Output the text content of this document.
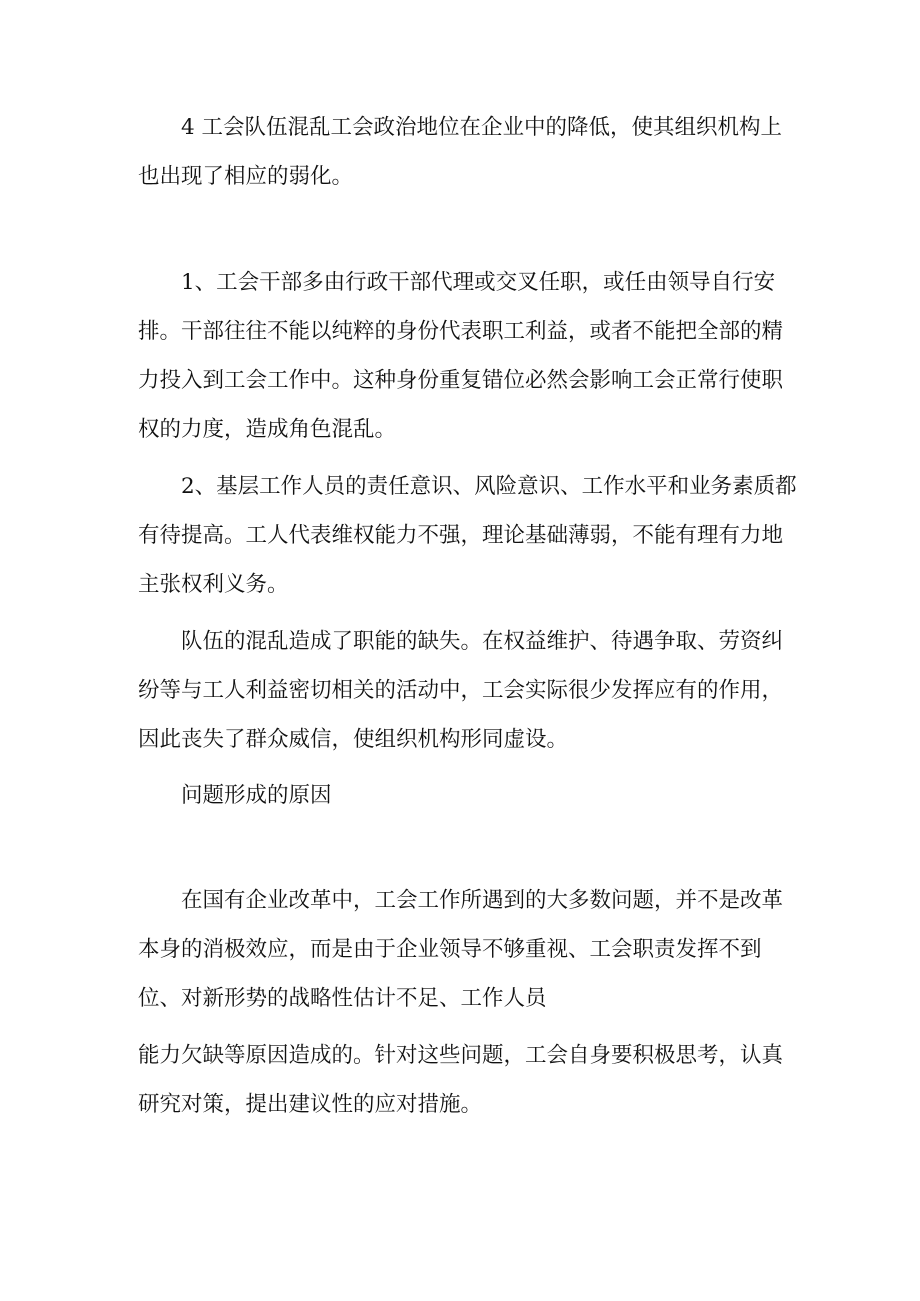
4 工会队伍混乱工会政治地位在企业中的降低，使其组织机构上也出现了相应的弱化。

1、工会干部多由行政干部代理或交叉任职，或任由领导自行安排。干部往往不能以纯粹的身份代表职工利益，或者不能把全部的精力投入到工会工作中。这种身份重复错位必然会影响工会正常行使职权的力度，造成角色混乱。

2、基层工作人员的责任意识、风险意识、工作水平和业务素质都有待提高。工人代表维权能力不强，理论基础薄弱，不能有理有力地主张权利义务。

队伍的混乱造成了职能的缺失。在权益维护、待遇争取、劳资纠纷等与工人利益密切相关的活动中，工会实际很少发挥应有的作用，因此丧失了群众威信，使组织机构形同虚设。

问题形成的原因

在国有企业改革中，工会工作所遇到的大多数问题，并不是改革本身的消极效应，而是由于企业领导不够重视、工会职责发挥不到位、对新形势的战略性估计不足、工作人员

能力欠缺等原因造成的。针对这些问题，工会自身要积极思考，认真研究对策，提出建议性的应对措施。
